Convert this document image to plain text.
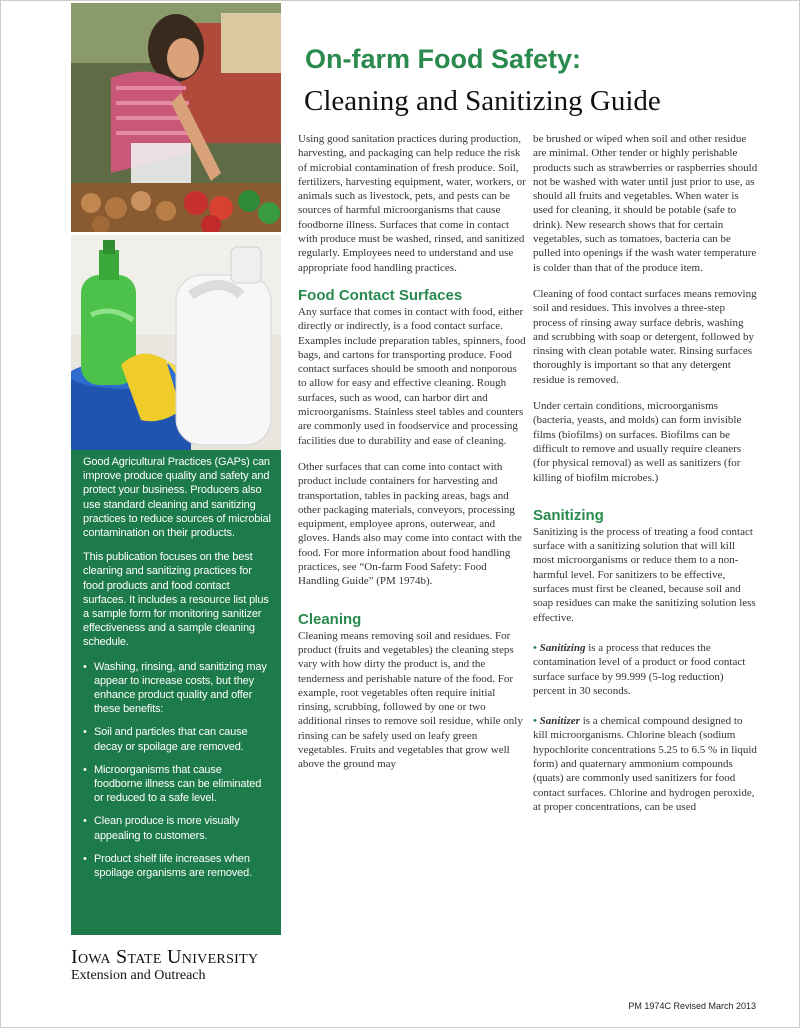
Good Agricultural Practices (GAPs) can improve produce quality and safety and protect your business. Producers also use standard cleaning and sanitizing practices to reduce sources of microbial contamination on their products.

This publication focuses on the best cleaning and sanitizing practices for food products and food contact surfaces. It includes a resource list plus a sample form for monitoring sanitizer effectiveness and a sample cleaning schedule.

• Washing, rinsing, and sanitizing may appear to increase costs, but they enhance product quality and offer these benefits:
• Soil and particles that can cause decay or spoilage are removed.
• Microorganisms that cause foodborne illness can be eliminated or reduced to a safe level.
• Clean produce is more visually appealing to customers.
• Product shelf life increases when spoilage organisms are removed.
Iowa State University
Extension and Outreach
On-farm Food Safety:
Cleaning and Sanitizing Guide

Using good sanitation practices during production, harvesting, and packaging can help reduce the risk of microbial contamination of fresh produce. Soil, fertilizers, harvesting equipment, water, workers, or animals such as livestock, pets, and pests can be sources of harmful microorganisms that cause foodborne illness. Surfaces that come in contact with produce must be washed, rinsed, and sanitized regularly. Employees need to understand and use appropriate food handling practices.

Food Contact Surfaces

Any surface that comes in contact with food, either directly or indirectly, is a food contact surface. Examples include preparation tables, spinners, food bags, and cartons for transporting produce. Food contact surfaces should be smooth and nonporous to allow for easy and effective cleaning. Rough surfaces, such as wood, can harbor dirt and microorganisms. Stainless steel tables and counters are commonly used in foodservice and processing facilities due to durability and ease of cleaning.

Other surfaces that can come into contact with product include containers for harvesting and transportation, tables in packing areas, bags and other packaging materials, conveyors, processing equipment, employee aprons, outerwear, and gloves. Hands also may come into contact with the food. For more information about food handling practices, see “On-farm Food Safety: Food Handling Guide” (PM 1974b).

Cleaning

Cleaning means removing soil and residues. For product (fruits and vegetables) the cleaning steps vary with how dirty the product is, and the tenderness and perishable nature of the food. For example, root vegetables often require initial rinsing, scrubbing, followed by one or two additional rinses to remove soil residue, while only rinsing can be safely used on leafy green vegetables. Fruits and vegetables that grow well above the ground may

be brushed or wiped when soil and other residue are minimal. Other tender or highly perishable products such as strawberries or raspberries should not be washed with water until just prior to use, as should all fruits and vegetables. When water is used for cleaning, it should be potable (safe to drink). New research shows that for certain vegetables, such as tomatoes, bacteria can be pulled into openings if the wash water temperature is colder than that of the produce item.

Cleaning of food contact surfaces means removing soil and residues. This involves a three-step process of rinsing away surface debris, washing and scrubbing with soap or detergent, followed by rinsing with clean potable water. Rinsing surfaces thoroughly is important so that any detergent residue is removed.

Under certain conditions, microorganisms (bacteria, yeasts, and molds) can form invisible films (biofilms) on surfaces. Biofilms can be difficult to remove and usually require cleaners (for physical removal) as well as sanitizers (for killing of biofilm microbes.)

Sanitizing

Sanitizing is the process of treating a food contact surface with a sanitizing solution that will kill most microorganisms or reduce them to a non-harmful level. For sanitizers to be effective, surfaces must first be cleaned, because soil and soap residues can make the sanitizing solution less effective.

• Sanitizing is a process that reduces the contamination level of a product or food contact surface surface by 99.999 (5-log reduction) percent in 30 seconds.

• Sanitizer is a chemical compound designed to kill microorganisms. Chlorine bleach (sodium hypochlorite concentrations 5.25 to 6.5 % in liquid form) and quaternary ammonium compounds (quats) are commonly used sanitizers for food contact surfaces. Chlorine and hydrogen peroxide, at proper concentrations, can be used

PM 1974C Revised March 2013
